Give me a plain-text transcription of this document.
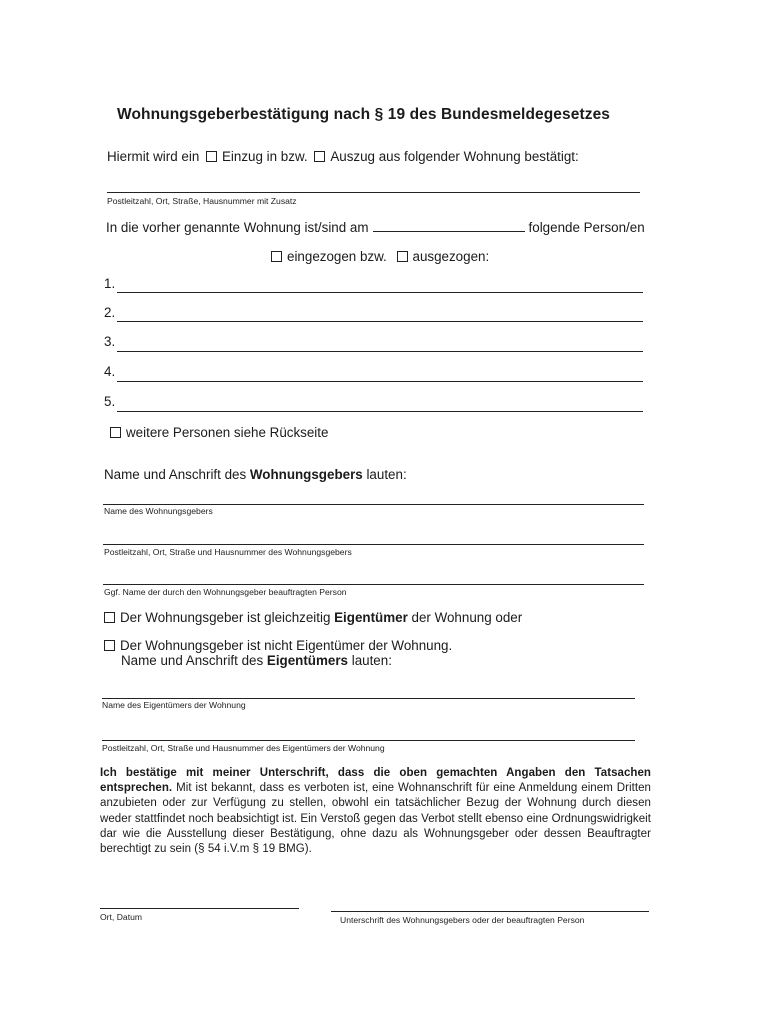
Wohnungsgeberbestätigung nach § 19 des Bundesmeldegesetzes
Hiermit wird ein Einzug in bzw. Auszug aus folgender Wohnung bestätigt:
Postleitzahl, Ort, Straße, Hausnummer mit Zusatz
In die vorher genannte Wohnung ist/sind am	folgende Person/en
eingezogen bzw. ausgezogen:
1.
2.
3.
4.
5.
weitere Personen siehe Rückseite
Name und Anschrift des Wohnungsgebers lauten:
Name des Wohnungsgebers
Postleitzahl, Ort, Straße und Hausnummer des Wohnungsgebers
Ggf. Name der durch den Wohnungsgeber beauftragten Person
Der Wohnungsgeber ist gleichzeitig Eigentümer der Wohnung oder
Der Wohnungsgeber ist nicht Eigentümer der Wohnung.
Name und Anschrift des Eigentümers lauten:
Name des Eigentümers der Wohnung
Postleitzahl, Ort, Straße und Hausnummer des Eigentümers der Wohnung
Ich bestätige mit meiner Unterschrift, dass die oben gemachten Angaben den Tatsachen entsprechen. Mit ist bekannt, dass es verboten ist, eine Wohnanschrift für eine Anmeldung einem Dritten anzubieten oder zur Verfügung zu stellen, obwohl ein tatsächlicher Bezug der Wohnung durch diesen weder stattfindet noch beabsichtigt ist. Ein Verstoß gegen das Verbot stellt ebenso eine Ordnungswidrigkeit dar wie die Ausstellung dieser Bestätigung, ohne dazu als Wohnungsgeber oder dessen Beauftragter berechtigt zu sein (§ 54 i.V.m § 19 BMG).
Ort, Datum	Unterschrift des Wohnungsgebers oder der beauftragten Person
